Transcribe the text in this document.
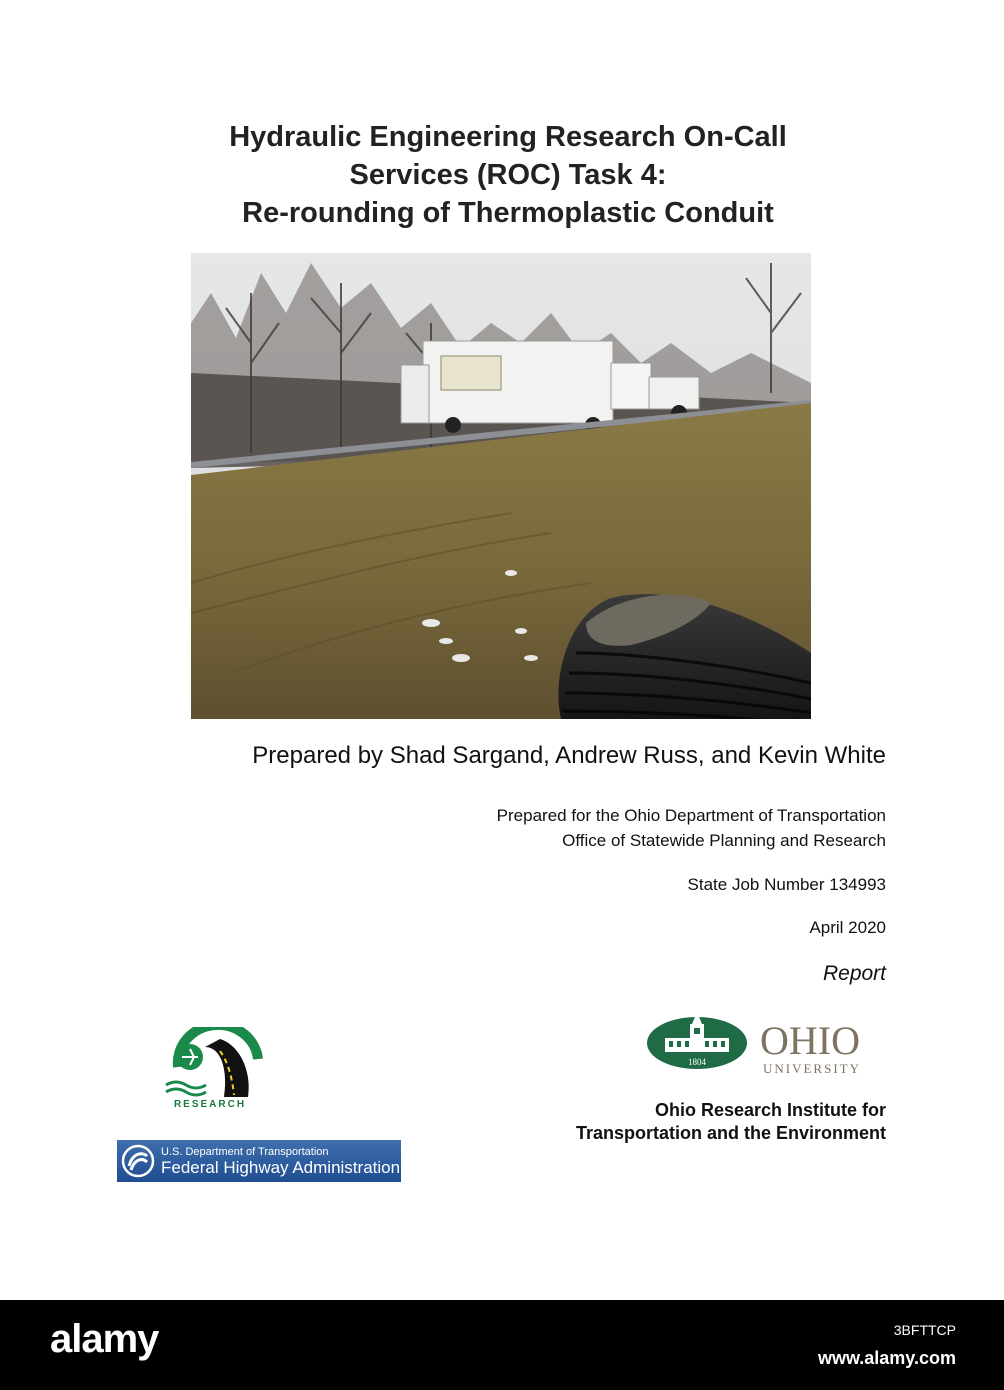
Hydraulic Engineering Research On-Call
Services (ROC) Task 4:
Re-rounding of Thermoplastic Conduit
Prepared by Shad Sargand, Andrew Russ, and Kevin White
Prepared for the Ohio Department of Transportation
Office of Statewide Planning and Research
State Job Number 134993
April 2020
Report
1804 OHIO
UNIVERSITY
Ohio Research Institute for
Transportation and the Environment
RESEARCH
U.S. Department of Transportation
Federal Highway Administration
alamy	3BFTTCP
www.alamy.com
